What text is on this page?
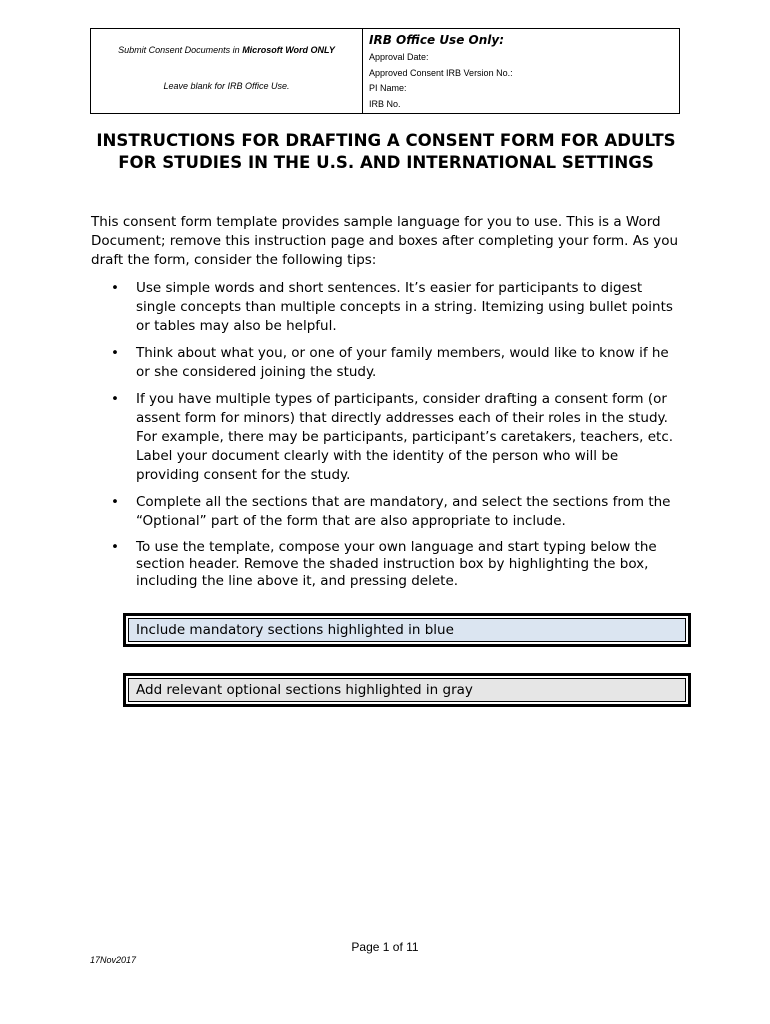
Submit Consent Documents in Microsoft Word ONLY
Leave blank for IRB Office Use.
IRB Office Use Only:
Approval Date:
Approved Consent IRB Version No.:
PI Name:
IRB No.
INSTRUCTIONS FOR DRAFTING A CONSENT FORM FOR ADULTS
FOR STUDIES IN THE U.S. AND INTERNATIONAL SETTINGS

This consent form template provides sample language for you to use. This is a Word Document; remove this instruction page and boxes after completing your form. As you draft the form, consider the following tips:

• Use simple words and short sentences. It’s easier for participants to digest single concepts than multiple concepts in a string. Itemizing using bullet points or tables may also be helpful.
• Think about what you, or one of your family members, would like to know if he or she considered joining the study.
• If you have multiple types of participants, consider drafting a consent form (or assent form for minors) that directly addresses each of their roles in the study. For example, there may be participants, participant’s caretakers, teachers, etc. Label your document clearly with the identity of the person who will be providing consent for the study.
• Complete all the sections that are mandatory, and select the sections from the “Optional” part of the form that are also appropriate to include.
• To use the template, compose your own language and start typing below the section header. Remove the shaded instruction box by highlighting the box, including the line above it, and pressing delete.
Include mandatory sections highlighted in blue
Add relevant optional sections highlighted in gray
Page 1 of 11
17Nov2017
